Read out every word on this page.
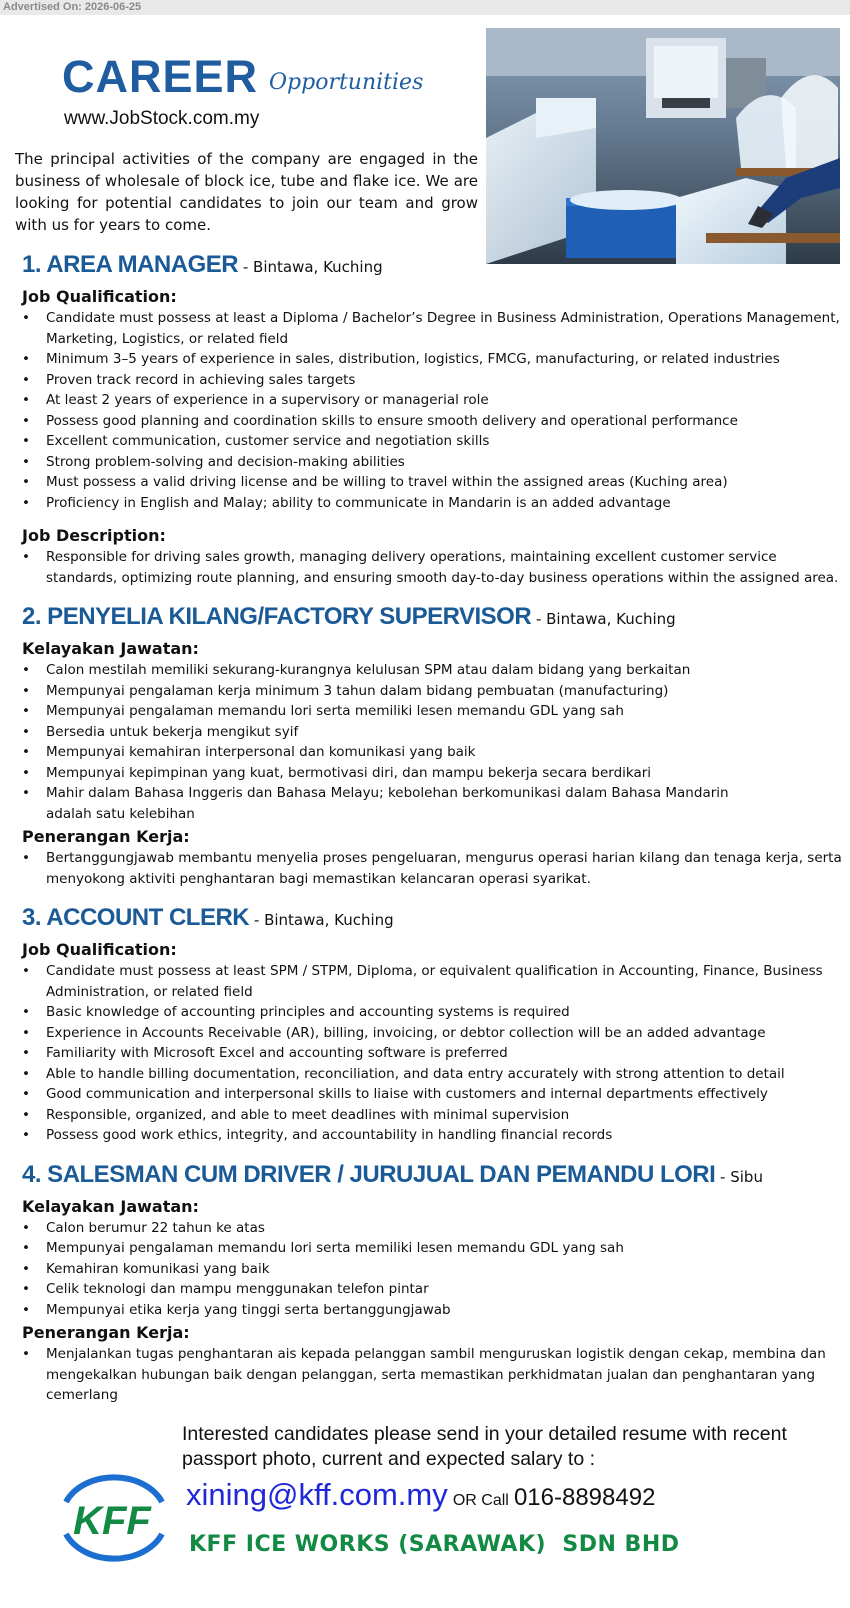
Advertised On: 2026-06-25
CAREER Opportunities
www.JobStock.com.my
The principal activities of the company are engaged in the business of wholesale of block ice, tube and flake ice. We are looking for potential candidates to join our team and grow with us for years to come.
1. AREA MANAGER - Bintawa, Kuching
Job Qualification:
• Candidate must possess at least a Diploma / Bachelor’s Degree in Business Administration, Operations Management, Marketing, Logistics, or related field
• Minimum 3–5 years of experience in sales, distribution, logistics, FMCG, manufacturing, or related industries
• Proven track record in achieving sales targets
• At least 2 years of experience in a supervisory or managerial role
• Possess good planning and coordination skills to ensure smooth delivery and operational performance
• Excellent communication, customer service and negotiation skills
• Strong problem-solving and decision-making abilities
• Must possess a valid driving license and be willing to travel within the assigned areas (Kuching area)
• Proficiency in English and Malay; ability to communicate in Mandarin is an added advantage
Job Description:
• Responsible for driving sales growth, managing delivery operations, maintaining excellent customer service standards, optimizing route planning, and ensuring smooth day-to-day business operations within the assigned area.
2. PENYELIA KILANG/FACTORY SUPERVISOR - Bintawa, Kuching
Kelayakan Jawatan:
• Calon mestilah memiliki sekurang-kurangnya kelulusan SPM atau dalam bidang yang berkaitan
• Mempunyai pengalaman kerja minimum 3 tahun dalam bidang pembuatan (manufacturing)
• Mempunyai pengalaman memandu lori serta memiliki lesen memandu GDL yang sah
• Bersedia untuk bekerja mengikut syif
• Mempunyai kemahiran interpersonal dan komunikasi yang baik
• Mempunyai kepimpinan yang kuat, bermotivasi diri, dan mampu bekerja secara berdikari
• Mahir dalam Bahasa Inggeris dan Bahasa Melayu; kebolehan berkomunikasi dalam Bahasa Mandarin adalah satu kelebihan
Penerangan Kerja:
• Bertanggungjawab membantu menyelia proses pengeluaran, mengurus operasi harian kilang dan tenaga kerja, serta menyokong aktiviti penghantaran bagi memastikan kelancaran operasi syarikat.
3. ACCOUNT CLERK - Bintawa, Kuching
Job Qualification:
• Candidate must possess at least SPM / STPM, Diploma, or equivalent qualification in Accounting, Finance, Business Administration, or related field
• Basic knowledge of accounting principles and accounting systems is required
• Experience in Accounts Receivable (AR), billing, invoicing, or debtor collection will be an added advantage
• Familiarity with Microsoft Excel and accounting software is preferred
• Able to handle billing documentation, reconciliation, and data entry accurately with strong attention to detail
• Good communication and interpersonal skills to liaise with customers and internal departments effectively
• Responsible, organized, and able to meet deadlines with minimal supervision
• Possess good work ethics, integrity, and accountability in handling financial records
4. SALESMAN CUM DRIVER / JURUJUAL DAN PEMANDU LORI - Sibu
Kelayakan Jawatan:
• Calon berumur 22 tahun ke atas
• Mempunyai pengalaman memandu lori serta memiliki lesen memandu GDL yang sah
• Kemahiran komunikasi yang baik
• Celik teknologi dan mampu menggunakan telefon pintar
• Mempunyai etika kerja yang tinggi serta bertanggungjawab
Penerangan Kerja:
• Menjalankan tugas penghantaran ais kepada pelanggan sambil menguruskan logistik dengan cekap, membina dan mengekalkan hubungan baik dengan pelanggan, serta memastikan perkhidmatan jualan dan penghantaran yang cemerlang
Interested candidates please send in your detailed resume with recent passport photo, current and expected salary to :
xining@kff.com.my OR Call 016-8898492
KFF
KFF ICE WORKS (SARAWAK)  SDN BHD
